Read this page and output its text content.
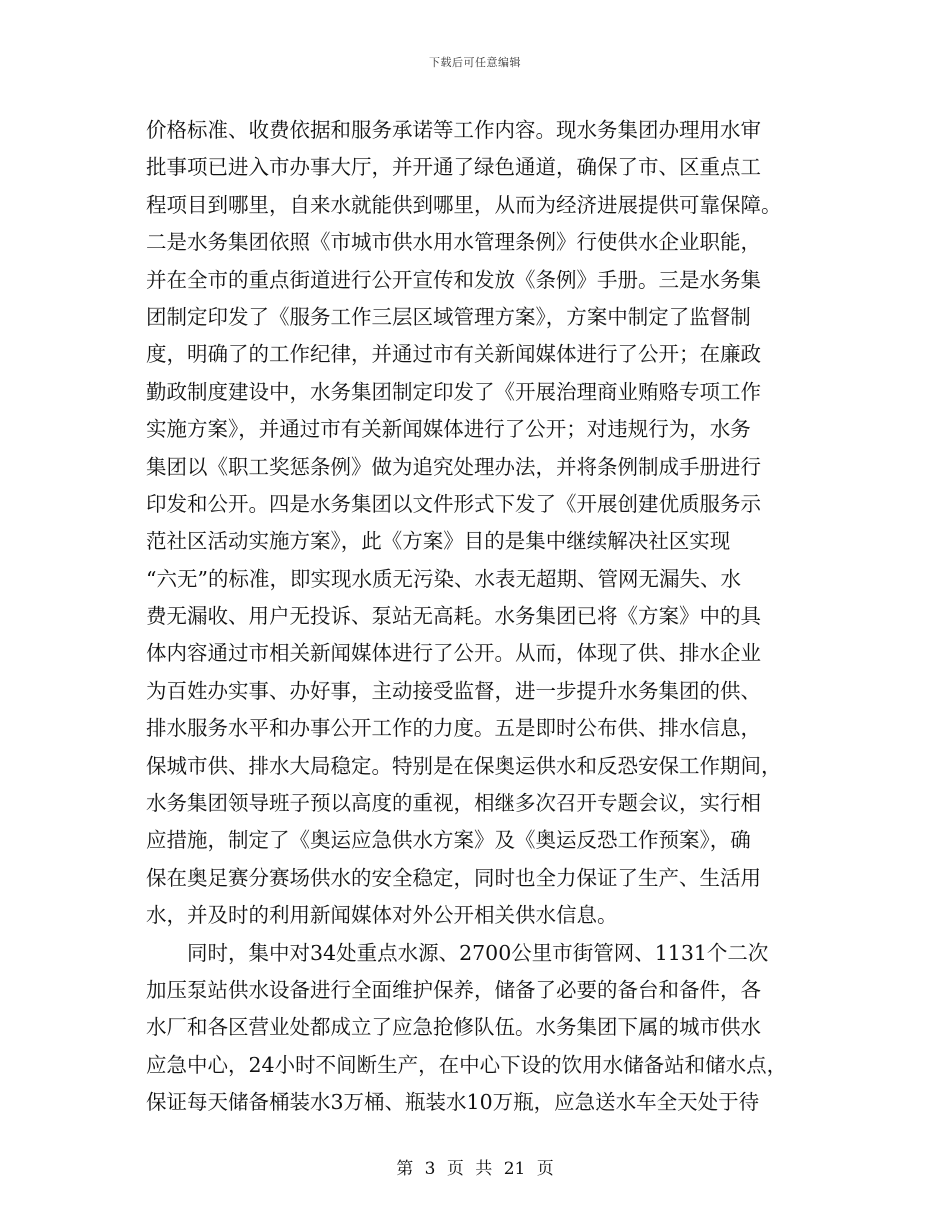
下载后可任意编辑
价格标准、收费依据和服务承诺等工作内容。现水务集团办理用水审
批事项已进入市办事大厅，并开通了绿色通道，确保了市、区重点工
程项目到哪里，自来水就能供到哪里，从而为经济进展提供可靠保障。
二是水务集团依照《市城市供水用水管理条例》行使供水企业职能，
并在全市的重点街道进行公开宣传和发放《条例》手册。三是水务集
团制定印发了《服务工作三层区域管理方案》，方案中制定了监督制
度，明确了的工作纪律，并通过市有关新闻媒体进行了公开；在廉政
勤政制度建设中，水务集团制定印发了《开展治理商业贿赂专项工作
实施方案》，并通过市有关新闻媒体进行了公开；对违规行为，水务
集团以《职工奖惩条例》做为追究处理办法，并将条例制成手册进行
印发和公开。四是水务集团以文件形式下发了《开展创建优质服务示
范社区活动实施方案》，此《方案》目的是集中继续解决社区实现
“六无”的标准，即实现水质无污染、水表无超期、管网无漏失、水
费无漏收、用户无投诉、泵站无高耗。水务集团已将《方案》中的具
体内容通过市相关新闻媒体进行了公开。从而，体现了供、排水企业
为百姓办实事、办好事，主动接受监督，进一步提升水务集团的供、
排水服务水平和办事公开工作的力度。五是即时公布供、排水信息，
保城市供、排水大局稳定。特别是在保奥运供水和反恐安保工作期间，
水务集团领导班子预以高度的重视，相继多次召开专题会议，实行相
应措施，制定了《奥运应急供水方案》及《奥运反恐工作预案》，确
保在奥足赛分赛场供水的安全稳定，同时也全力保证了生产、生活用
水，并及时的利用新闻媒体对外公开相关供水信息。
同时，集中对34处重点水源、2700公里市街管网、1131个二次
加压泵站供水设备进行全面维护保养，储备了必要的备台和备件，各
水厂和各区营业处都成立了应急抢修队伍。水务集团下属的城市供水
应急中心，24小时不间断生产，在中心下设的饮用水储备站和储水点，
保证每天储备桶装水3万桶、瓶装水10万瓶，应急送水车全天处于待
第 3 页 共 21 页
